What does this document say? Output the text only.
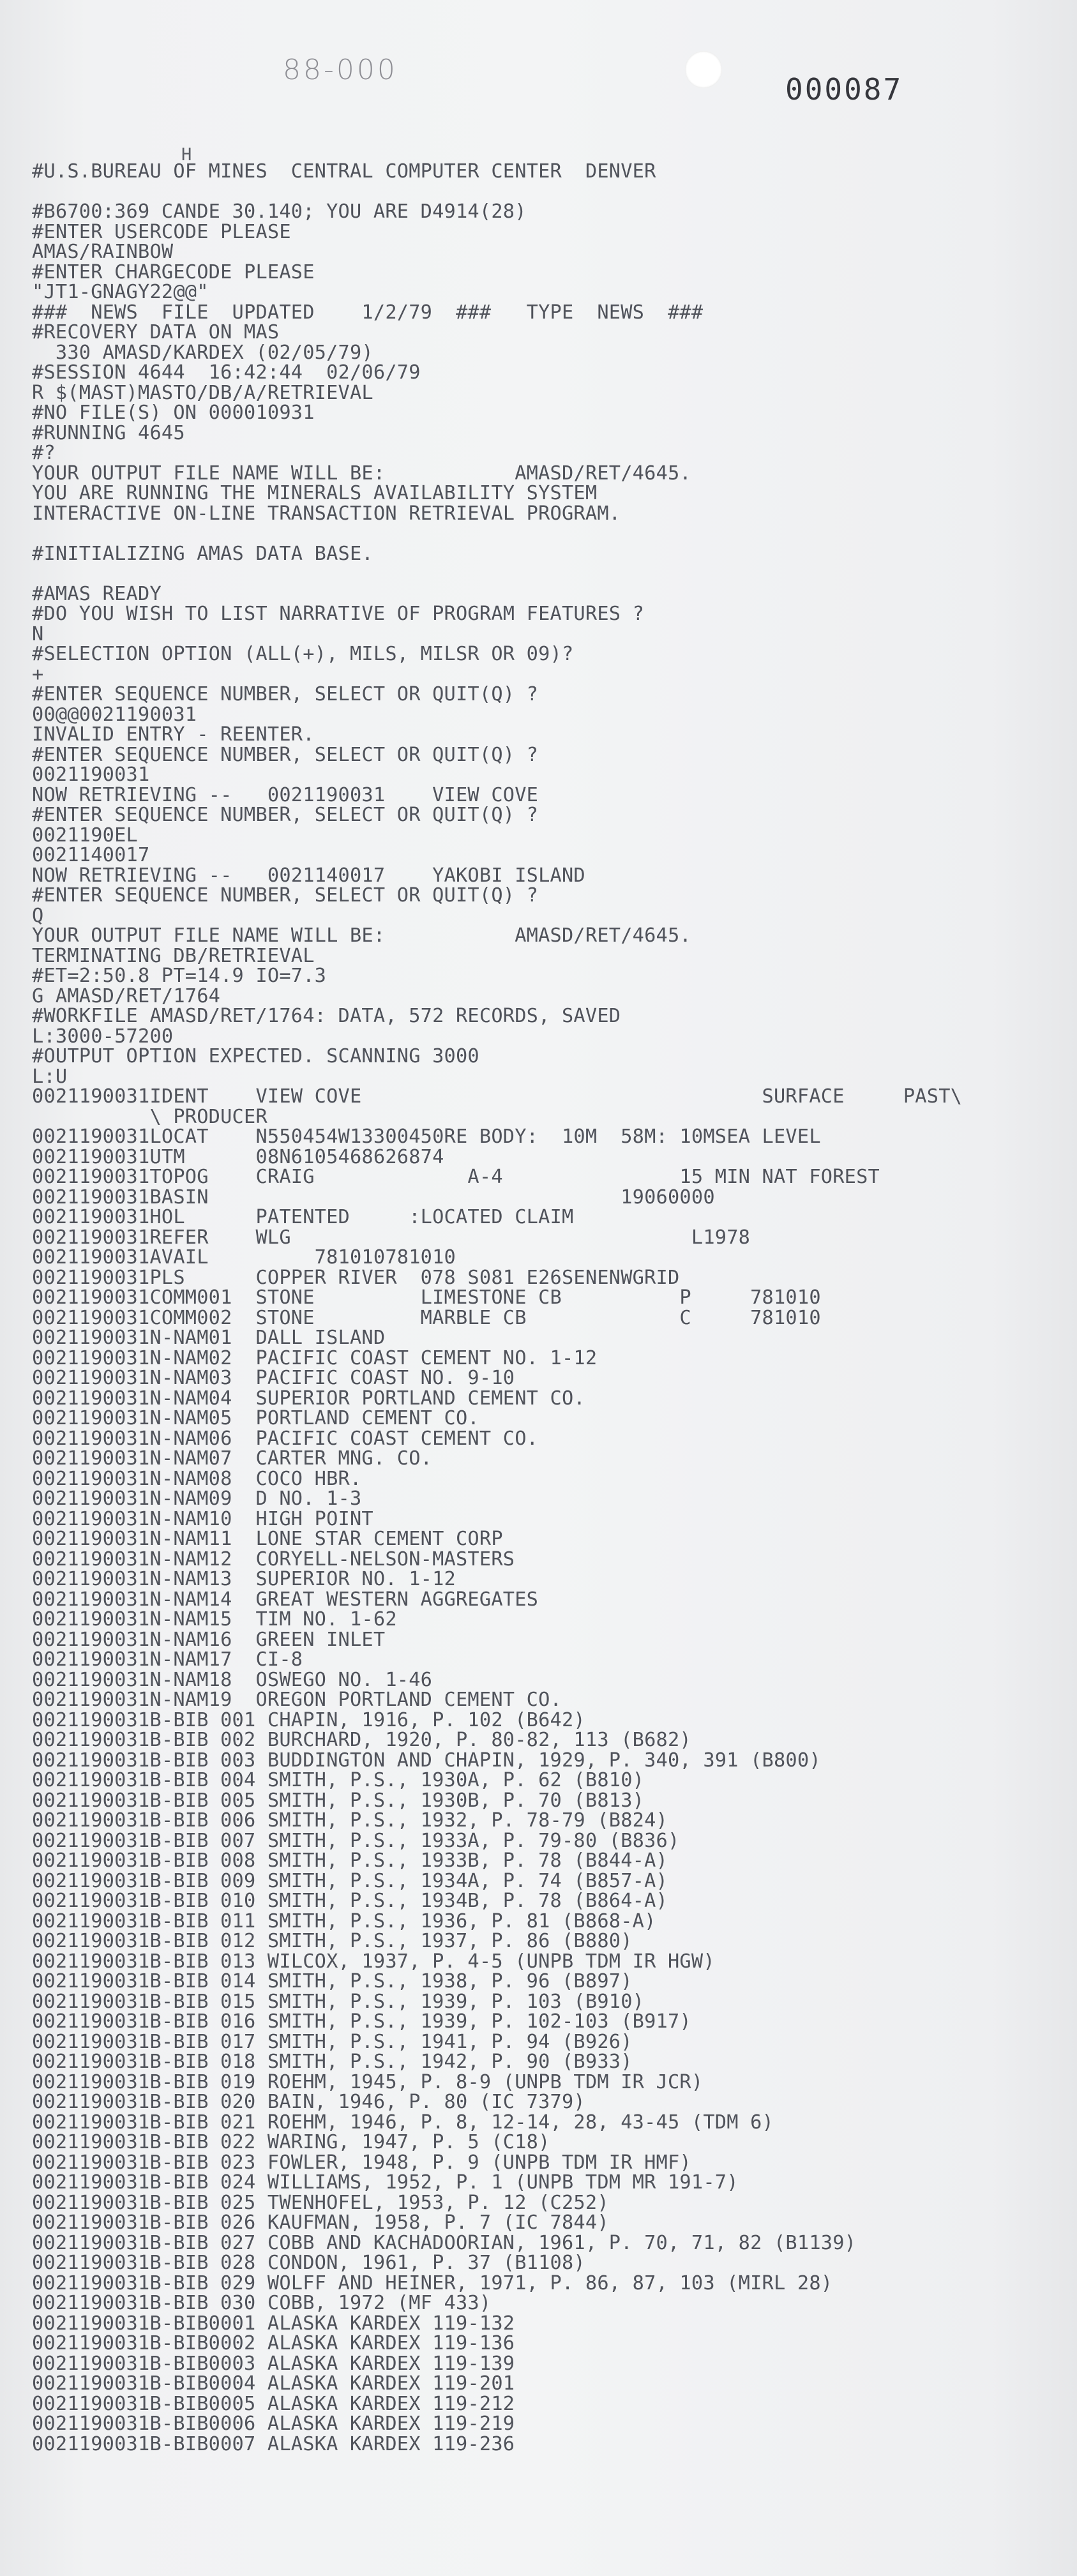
88-000
000087
H
#U.S.BUREAU OF MINES  CENTRAL COMPUTER CENTER  DENVER
#B6700:369 CANDE 30.140; YOU ARE D4914(28)
#ENTER USERCODE PLEASE
AMAS/RAINBOW
#ENTER CHARGECODE PLEASE
"JT1-GNAGY22@@"
###  NEWS  FILE  UPDATED    1/2/79  ###   TYPE  NEWS  ###
#RECOVERY DATA ON MAS
330 AMASD/KARDEX (02/05/79)
#SESSION 4644  16:42:44  02/06/79
R $(MAST)MASTO/DB/A/RETRIEVAL
#NO FILE(S) ON 000010931
#RUNNING 4645
#?
YOUR OUTPUT FILE NAME WILL BE:           AMASD/RET/4645.
YOU ARE RUNNING THE MINERALS AVAILABILITY SYSTEM
INTERACTIVE ON-LINE TRANSACTION RETRIEVAL PROGRAM.
#INITIALIZING AMAS DATA BASE.
#AMAS READY
#DO YOU WISH TO LIST NARRATIVE OF PROGRAM FEATURES ?
N
#SELECTION OPTION (ALL(+), MILS, MILSR OR 09)?
+
#ENTER SEQUENCE NUMBER, SELECT OR QUIT(Q) ?
00@@0021190031
INVALID ENTRY - REENTER.
#ENTER SEQUENCE NUMBER, SELECT OR QUIT(Q) ?
0021190031
NOW RETRIEVING --   0021190031    VIEW COVE
#ENTER SEQUENCE NUMBER, SELECT OR QUIT(Q) ?
0021190EL
0021140017
NOW RETRIEVING --   0021140017    YAKOBI ISLAND
#ENTER SEQUENCE NUMBER, SELECT OR QUIT(Q) ?
Q
YOUR OUTPUT FILE NAME WILL BE:           AMASD/RET/4645.
TERMINATING DB/RETRIEVAL
#ET=2:50.8 PT=14.9 IO=7.3
G AMASD/RET/1764
#WORKFILE AMASD/RET/1764: DATA, 572 RECORDS, SAVED
L:3000-57200
#OUTPUT OPTION EXPECTED. SCANNING 3000
L:U
0021190031IDENT    VIEW COVE                                  SURFACE     PAST\
\ PRODUCER
0021190031LOCAT    N550454W13300450RE BODY:  10M  58M: 10MSEA LEVEL
0021190031UTM      08N6105468626874
0021190031TOPOG    CRAIG             A-4               15 MIN NAT FOREST
0021190031BASIN                                   19060000
0021190031HOL      PATENTED     :LOCATED CLAIM
0021190031REFER    WLG                                  L1978
0021190031AVAIL         781010781010
0021190031PLS      COPPER RIVER  078 S081 E26SENENWGRID
0021190031COMM001  STONE         LIMESTONE CB          P     781010
0021190031COMM002  STONE         MARBLE CB             C     781010
0021190031N-NAM01  DALL ISLAND
0021190031N-NAM02  PACIFIC COAST CEMENT NO. 1-12
0021190031N-NAM03  PACIFIC COAST NO. 9-10
0021190031N-NAM04  SUPERIOR PORTLAND CEMENT CO.
0021190031N-NAM05  PORTLAND CEMENT CO.
0021190031N-NAM06  PACIFIC COAST CEMENT CO.
0021190031N-NAM07  CARTER MNG. CO.
0021190031N-NAM08  COCO HBR.
0021190031N-NAM09  D NO. 1-3
0021190031N-NAM10  HIGH POINT
0021190031N-NAM11  LONE STAR CEMENT CORP
0021190031N-NAM12  CORYELL-NELSON-MASTERS
0021190031N-NAM13  SUPERIOR NO. 1-12
0021190031N-NAM14  GREAT WESTERN AGGREGATES
0021190031N-NAM15  TIM NO. 1-62
0021190031N-NAM16  GREEN INLET
0021190031N-NAM17  CI-8
0021190031N-NAM18  OSWEGO NO. 1-46
0021190031N-NAM19  OREGON PORTLAND CEMENT CO.
0021190031B-BIB 001 CHAPIN, 1916, P. 102 (B642)
0021190031B-BIB 002 BURCHARD, 1920, P. 80-82, 113 (B682)
0021190031B-BIB 003 BUDDINGTON AND CHAPIN, 1929, P. 340, 391 (B800)
0021190031B-BIB 004 SMITH, P.S., 1930A, P. 62 (B810)
0021190031B-BIB 005 SMITH, P.S., 1930B, P. 70 (B813)
0021190031B-BIB 006 SMITH, P.S., 1932, P. 78-79 (B824)
0021190031B-BIB 007 SMITH, P.S., 1933A, P. 79-80 (B836)
0021190031B-BIB 008 SMITH, P.S., 1933B, P. 78 (B844-A)
0021190031B-BIB 009 SMITH, P.S., 1934A, P. 74 (B857-A)
0021190031B-BIB 010 SMITH, P.S., 1934B, P. 78 (B864-A)
0021190031B-BIB 011 SMITH, P.S., 1936, P. 81 (B868-A)
0021190031B-BIB 012 SMITH, P.S., 1937, P. 86 (B880)
0021190031B-BIB 013 WILCOX, 1937, P. 4-5 (UNPB TDM IR HGW)
0021190031B-BIB 014 SMITH, P.S., 1938, P. 96 (B897)
0021190031B-BIB 015 SMITH, P.S., 1939, P. 103 (B910)
0021190031B-BIB 016 SMITH, P.S., 1939, P. 102-103 (B917)
0021190031B-BIB 017 SMITH, P.S., 1941, P. 94 (B926)
0021190031B-BIB 018 SMITH, P.S., 1942, P. 90 (B933)
0021190031B-BIB 019 ROEHM, 1945, P. 8-9 (UNPB TDM IR JCR)
0021190031B-BIB 020 BAIN, 1946, P. 80 (IC 7379)
0021190031B-BIB 021 ROEHM, 1946, P. 8, 12-14, 28, 43-45 (TDM 6)
0021190031B-BIB 022 WARING, 1947, P. 5 (C18)
0021190031B-BIB 023 FOWLER, 1948, P. 9 (UNPB TDM IR HMF)
0021190031B-BIB 024 WILLIAMS, 1952, P. 1 (UNPB TDM MR 191-7)
0021190031B-BIB 025 TWENHOFEL, 1953, P. 12 (C252)
0021190031B-BIB 026 KAUFMAN, 1958, P. 7 (IC 7844)
0021190031B-BIB 027 COBB AND KACHADOORIAN, 1961, P. 70, 71, 82 (B1139)
0021190031B-BIB 028 CONDON, 1961, P. 37 (B1108)
0021190031B-BIB 029 WOLFF AND HEINER, 1971, P. 86, 87, 103 (MIRL 28)
0021190031B-BIB 030 COBB, 1972 (MF 433)
0021190031B-BIB0001 ALASKA KARDEX 119-132
0021190031B-BIB0002 ALASKA KARDEX 119-136
0021190031B-BIB0003 ALASKA KARDEX 119-139
0021190031B-BIB0004 ALASKA KARDEX 119-201
0021190031B-BIB0005 ALASKA KARDEX 119-212
0021190031B-BIB0006 ALASKA KARDEX 119-219
0021190031B-BIB0007 ALASKA KARDEX 119-236
